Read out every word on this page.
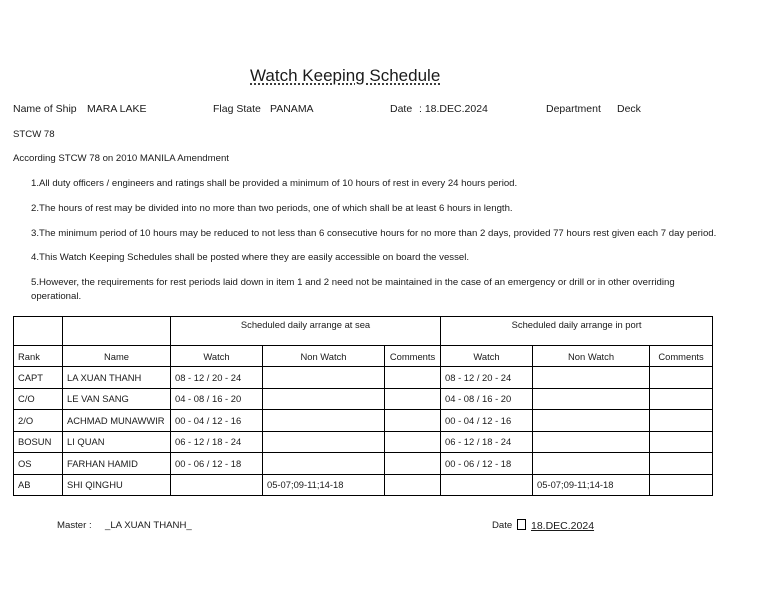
Watch Keeping Schedule
Name of Ship MARA LAKE	Flag State PANAMA	Date : 18.DEC.2024	Department Deck
STCW 78
According STCW 78 on 2010 MANILA Amendment
1.All duty officers / engineers and ratings shall be provided a minimum of 10 hours of rest in every 24 hours period.
2.The hours of rest may be divided into no more than two periods, one of which shall be at least 6 hours in length.
3.The minimum period of 10 hours may be reduced to not less than 6 consecutive hours for no more than 2 days, provided 77 hours rest given each 7 day period.
4.This Watch Keeping Schedules shall be posted where they are easily accessible on board the vessel.
5.However, the requirements for rest periods laid down in item 1 and 2 need not be maintained in the case of an emergency or drill or in other overriding operational.
		Scheduled daily arrange at sea			Scheduled daily arrange in port		
Rank	Name	Watch	Non Watch	Comments	Watch	Non Watch	Comments
CAPT	LA XUAN THANH	08 - 12 / 20 - 24			08 - 12 / 20 - 24		
C/O	LE VAN SANG	04 - 08 / 16 - 20			04 - 08 / 16 - 20		
2/O	ACHMAD MUNAWWIR	00 - 04 / 12 - 16			00 - 04 / 12 - 16		
BOSUN	LI QUAN	06 - 12 / 18 - 24			06 - 12 / 18 - 24		
OS	FARHAN HAMID	00 - 06 / 12 - 18			00 - 06 / 12 - 18		
AB	SHI QINGHU		05-07;09-11;14-18			05-07;09-11;14-18	
Master : _LA XUAN THANH_	Date	18.DEC.2024
